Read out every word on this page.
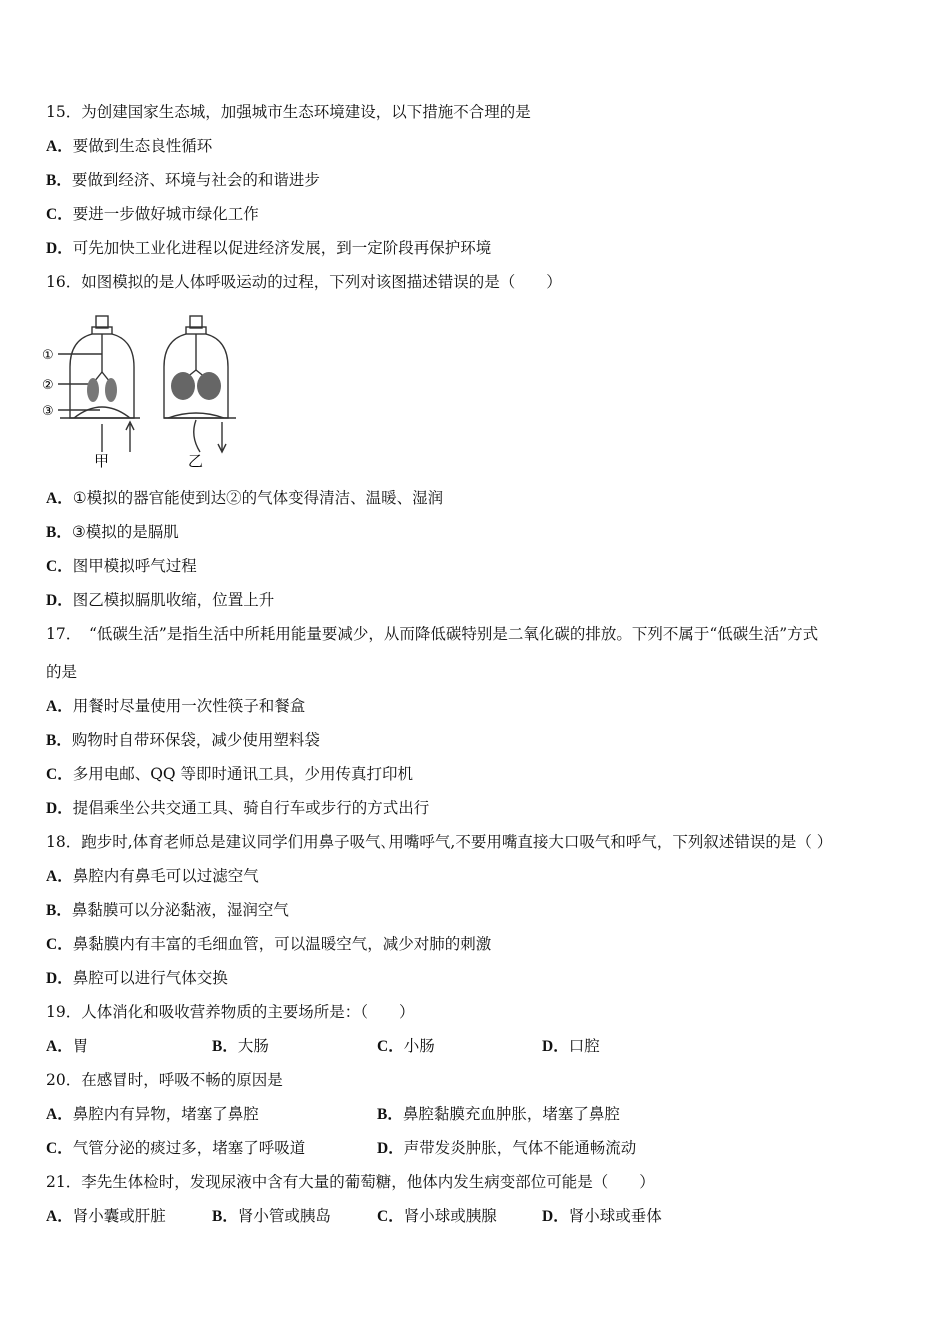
15．为创建国家生态城，加强城市生态环境建设，以下措施不合理的是
A．要做到生态良性循环
B．要做到经济、环境与社会的和谐进步
C．要进一步做好城市绿化工作
D．可先加快工业化进程以促进经济发展，到一定阶段再保护环境
16．如图模拟的是人体呼吸运动的过程，下列对该图描述错误的是（　　）
①
②
③
甲	乙
A．①模拟的器官能使到达②的气体变得清洁、温暖、湿润
B．③模拟的是膈肌
C．图甲模拟呼气过程
D．图乙模拟膈肌收缩，位置上升
17．　“低碳生活”是指生活中所耗用能量要减少，从而降低碳特别是二氧化碳的排放。下列不属于“低碳生活”方式
的是
A．用餐时尽量使用一次性筷子和餐盒
B．购物时自带环保袋，减少使用塑料袋
C．多用电邮、QQ 等即时通讯工具，少用传真打印机
D．提倡乘坐公共交通工具、骑自行车或步行的方式出行
18．跑步时,体育老师总是建议同学们用鼻子吸气､用嘴呼气,不要用嘴直接大口吸气和呼气，下列叙述错误的是（ ）
A．鼻腔内有鼻毛可以过滤空气
B．鼻黏膜可以分泌黏液，湿润空气
C．鼻黏膜内有丰富的毛细血管，可以温暖空气，减少对肺的刺激
D．鼻腔可以进行气体交换
19．人体消化和吸收营养物质的主要场所是：（　　）
A．胃	B．大肠	C．小肠	D．口腔
20．在感冒时，呼吸不畅的原因是
A．鼻腔内有异物，堵塞了鼻腔	B．鼻腔黏膜充血肿胀，堵塞了鼻腔
C．气管分泌的痰过多，堵塞了呼吸道	D．声带发炎肿胀，气体不能通畅流动
21．李先生体检时，发现尿液中含有大量的葡萄糖，他体内发生病变部位可能是（　　）
A．肾小囊或肝脏	B．肾小管或胰岛	C．肾小球或胰腺	D．肾小球或垂体
